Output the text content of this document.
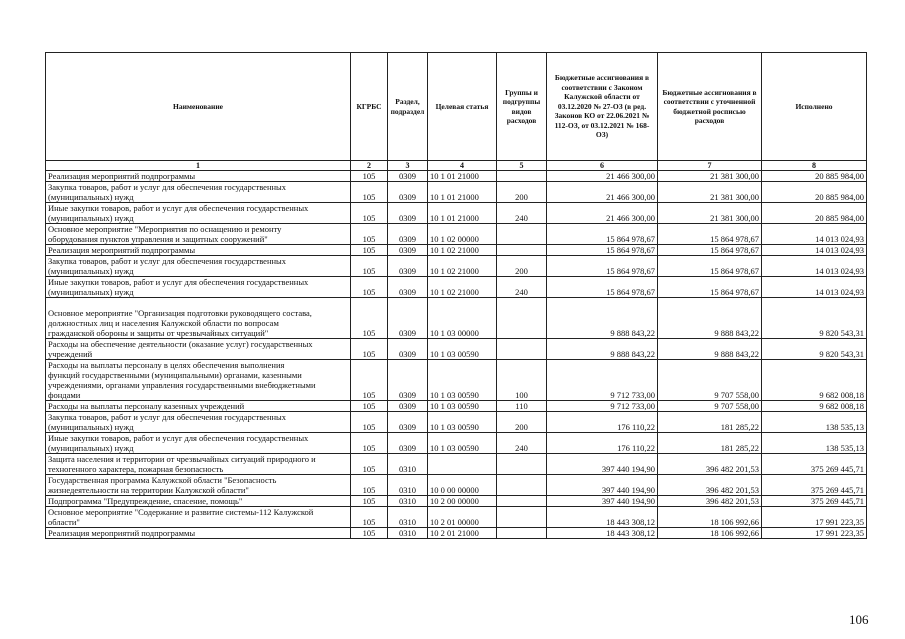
Наименование	КГРБС	Раздел, подраздел	Целевая статья	Группы и подгруппы видов расходов	Бюджетные ассигнования в соответствии с Законом Калужской области от 03.12.2020 № 27-ОЗ (в ред. Законов КО от 22.06.2021 № 112-ОЗ, от 03.12.2021 № 168-ОЗ)	Бюджетные ассигнования в соответствии с уточненной бюджетной росписью расходов	Исполнено
1	2	3	4	5	6	7	8

Реализация мероприятий подпрограммы	105	0309	10 1 01 21000		21 466 300,00	21 381 300,00	20 885 984,00

Закупка товаров, работ и услуг для обеспечения государственных
(муниципальных) нужд	105	0309	10 1 01 21000	200	21 466 300,00	21 381 300,00	20 885 984,00

Иные закупки товаров, работ и услуг для обеспечения государственных
(муниципальных) нужд	105	0309	10 1 01 21000	240	21 466 300,00	21 381 300,00	20 885 984,00

Основное мероприятие "Мероприятия по оснащению и ремонту
оборудования пунктов управления и защитных сооружений"	105	0309	10 1 02 00000		15 864 978,67	15 864 978,67	14 013 024,93

Реализация мероприятий подпрограммы	105	0309	10 1 02 21000		15 864 978,67	15 864 978,67	14 013 024,93

Закупка товаров, работ и услуг для обеспечения государственных
(муниципальных) нужд	105	0309	10 1 02 21000	200	15 864 978,67	15 864 978,67	14 013 024,93

Иные закупки товаров, работ и услуг для обеспечения государственных
(муниципальных) нужд	105	0309	10 1 02 21000	240	15 864 978,67	15 864 978,67	14 013 024,93

Основное мероприятие "Организация подготовки руководящего состава,
должностных лиц и населения Калужской области по вопросам
гражданской обороны и защиты от чрезвычайных ситуаций"	105	0309	10 1 03 00000		9 888 843,22	9 888 843,22	9 820 543,31

Расходы на обеспечение деятельности (оказание услуг) государственных
учреждений	105	0309	10 1 03 00590		9 888 843,22	9 888 843,22	9 820 543,31

Расходы на выплаты персоналу в целях обеспечения выполнения
функций государственными (муниципальными) органами, казенными
учреждениями, органами управления государственными внебюджетными
фондами	105	0309	10 1 03 00590	100	9 712 733,00	9 707 558,00	9 682 008,18

Расходы на выплаты персоналу казенных учреждений	105	0309	10 1 03 00590	110	9 712 733,00	9 707 558,00	9 682 008,18

Закупка товаров, работ и услуг для обеспечения государственных
(муниципальных) нужд	105	0309	10 1 03 00590	200	176 110,22	181 285,22	138 535,13

Иные закупки товаров, работ и услуг для обеспечения государственных
(муниципальных) нужд	105	0309	10 1 03 00590	240	176 110,22	181 285,22	138 535,13

Защита населения и территории от чрезвычайных ситуаций природного и
техногенного характера, пожарная безопасность	105	0310			397 440 194,90	396 482 201,53	375 269 445,71

Государственная программа Калужской области "Безопасность
жизнедеятельности на территории Калужской области"	105	0310	10 0 00 00000		397 440 194,90	396 482 201,53	375 269 445,71

Подпрограмма "Предупреждение, спасение, помощь"	105	0310	10 2 00 00000		397 440 194,90	396 482 201,53	375 269 445,71

Основное мероприятие "Содержание и развитие системы-112 Калужской
области"	105	0310	10 2 01 00000		18 443 308,12	18 106 992,66	17 991 223,35

Реализация мероприятий подпрограммы	105	0310	10 2 01 21000		18 443 308,12	18 106 992,66	17 991 223,35
106
